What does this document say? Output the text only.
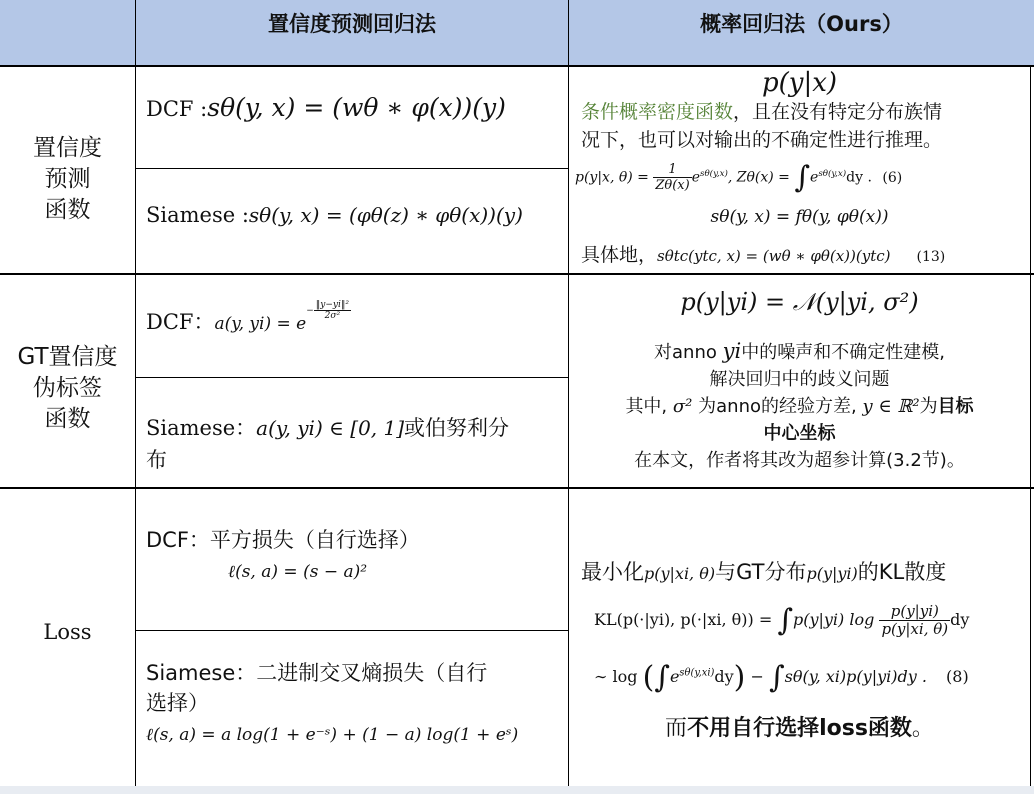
置信度预测回归法	概率回归法（Ours）
置信度
预测
函数
DCF :sθ(y, x) = (wθ ∗ φ(x))(y)
Siamese :sθ(y, x) = (φθ(z) ∗ φθ(x))(y)
p(y|x)
条件概率密度函数，且在没有特定分布族情
况下，也可以对输出的不确定性进行推理。
p(y|x, $\theta) = \frac{1}{Z\theta(x)} e^{s\theta(y,x)}$, $Z\theta(x) = \int e^{s\theta(y,x)}dy$ . (6)
sθ(y, x) = fθ(y, φθ(x))
具体地，sθtc(ytc, x) = (wθ ∗ φθ(x))(ytc) (13)
GT置信度
伪标签
函数
DCF：a(y, $yi) = e- \frac{\text{‖y−yi‖²}}{\text{2σ²}}$
Siamese：a(y, yi) ∈ [0, 1]或伯努利分
布
p(y|yi) = 𝒩(y|yi, σ²)
对anno yi中的噪声和不确定性建模,
解决回归中的歧义问题
其中, σ² 为anno的经验方差, y ∈ ℝ²为目标
中心坐标
在本文，作者将其改为超参计算(3.2节)。
Loss
DCF：平方损失（自行选择）
ℓ(s, a) = (s − a)²
Siamese：二进制交叉熵损失（自行
选择）
ℓ(s, a) = a log(1 + e⁻ˢ) + (1 − a) log(1 + eˢ)
最小化p(y|xi, θ)与GT分布p(y|yi)的KL散度
KL(p(·|yi), p(·|xi, θ)) = ∫p(y|yi) $\log \frac{p(y|yi)}{p(y|xi, \theta)}$ dy
∼ $\log (\int e^{s\theta(y,xi)}dy) - \int s\theta(y$, xi)p(y|yi)dy . (8)
而不用自行选择loss函数。
